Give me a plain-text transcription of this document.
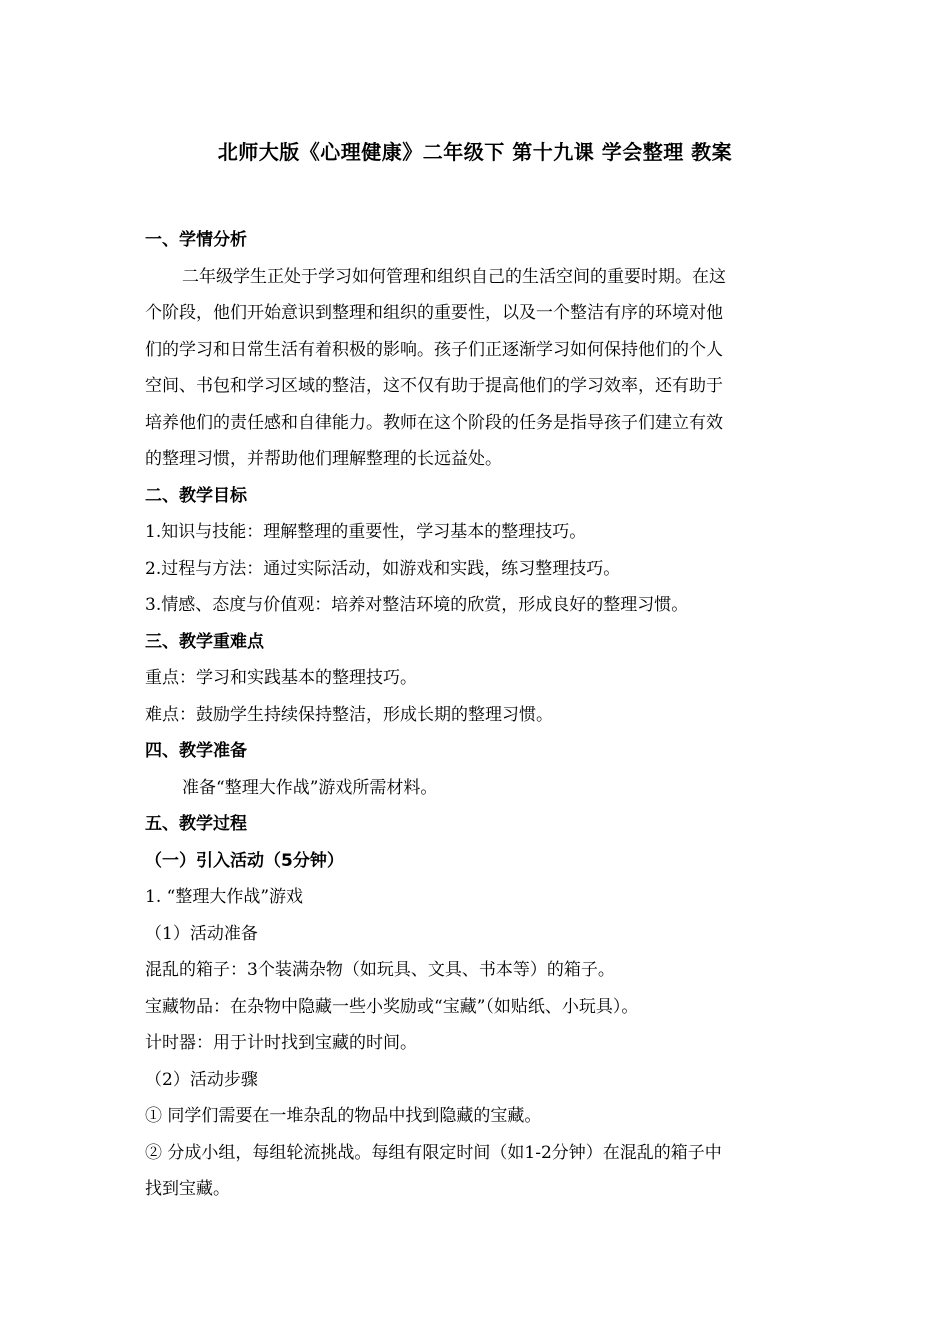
北师大版《心理健康》二年级下 第十九课 学会整理 教案
一、学情分析
二年级学生正处于学习如何管理和组织自己的生活空间的重要时期。在这
个阶段，他们开始意识到整理和组织的重要性，以及一个整洁有序的环境对他
们的学习和日常生活有着积极的影响。孩子们正逐渐学习如何保持他们的个人
空间、书包和学习区域的整洁，这不仅有助于提高他们的学习效率，还有助于
培养他们的责任感和自律能力。教师在这个阶段的任务是指导孩子们建立有效
的整理习惯，并帮助他们理解整理的长远益处。
二、教学目标
1.知识与技能：理解整理的重要性，学习基本的整理技巧。
2.过程与方法：通过实际活动，如游戏和实践，练习整理技巧。
3.情感、态度与价值观：培养对整洁环境的欣赏，形成良好的整理习惯。
三、教学重难点
重点：学习和实践基本的整理技巧。
难点：鼓励学生持续保持整洁，形成长期的整理习惯。
四、教学准备
准备“整理大作战”游戏所需材料。
五、教学过程
（一）引入活动（5分钟）
1. “整理大作战”游戏
（1）活动准备
混乱的箱子：3个装满杂物（如玩具、文具、书本等）的箱子。
宝藏物品：在杂物中隐藏一些小奖励或“宝藏”（如贴纸、小玩具）。
计时器：用于计时找到宝藏的时间。
（2）活动步骤
① 同学们需要在一堆杂乱的物品中找到隐藏的宝藏。
② 分成小组，每组轮流挑战。每组有限定时间（如1-2分钟）在混乱的箱子中
找到宝藏。
